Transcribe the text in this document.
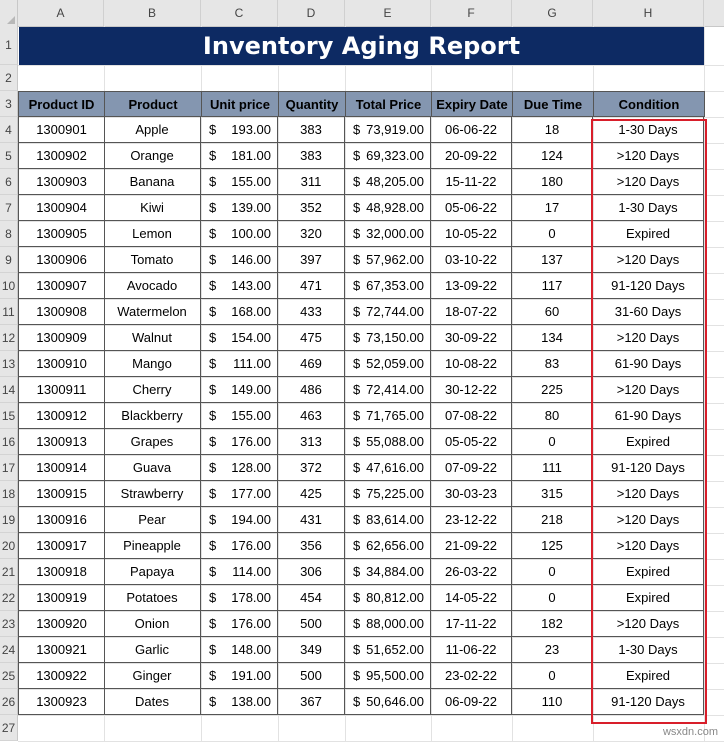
A	B	C	D	E	F	G	H
1
2
3
4
5
6
7
8
9
10
11
12
13
14
15
16
17
18
19
20
21
22
23
24
25
26
27
Inventory Aging Report
Product ID	Product	Unit price	Quantity	Total Price	Expiry Date	Due Time	Condition
1300901	Apple	$ 193.00	383	$ 73,919.00	06-06-22	18	1-30 Days
1300902	Orange	$ 181.00	383	$ 69,323.00	20-09-22	124	>120 Days
1300903	Banana	$ 155.00	311	$ 48,205.00	15-11-22	180	>120 Days
1300904	Kiwi	$ 139.00	352	$ 48,928.00	05-06-22	17	1-30 Days
1300905	Lemon	$ 100.00	320	$ 32,000.00	10-05-22	0	Expired
1300906	Tomato	$ 146.00	397	$ 57,962.00	03-10-22	137	>120 Days
1300907	Avocado	$ 143.00	471	$ 67,353.00	13-09-22	117	91-120 Days
1300908	Watermelon	$ 168.00	433	$ 72,744.00	18-07-22	60	31-60 Days
1300909	Walnut	$ 154.00	475	$ 73,150.00	30-09-22	134	>120 Days
1300910	Mango	$ 111.00	469	$ 52,059.00	10-08-22	83	61-90 Days
1300911	Cherry	$ 149.00	486	$ 72,414.00	30-12-22	225	>120 Days
1300912	Blackberry	$ 155.00	463	$ 71,765.00	07-08-22	80	61-90 Days
1300913	Grapes	$ 176.00	313	$ 55,088.00	05-05-22	0	Expired
1300914	Guava	$ 128.00	372	$ 47,616.00	07-09-22	111	91-120 Days
1300915	Strawberry	$ 177.00	425	$ 75,225.00	30-03-23	315	>120 Days
1300916	Pear	$ 194.00	431	$ 83,614.00	23-12-22	218	>120 Days
1300917	Pineapple	$ 176.00	356	$ 62,656.00	21-09-22	125	>120 Days
1300918	Papaya	$ 114.00	306	$ 34,884.00	26-03-22	0	Expired
1300919	Potatoes	$ 178.00	454	$ 80,812.00	14-05-22	0	Expired
1300920	Onion	$ 176.00	500	$ 88,000.00	17-11-22	182	>120 Days
1300921	Garlic	$ 148.00	349	$ 51,652.00	11-06-22	23	1-30 Days
1300922	Ginger	$ 191.00	500	$ 95,500.00	23-02-22	0	Expired
1300923	Dates	$ 138.00	367	$ 50,646.00	06-09-22	110	91-120 Days
wsxdn.com
